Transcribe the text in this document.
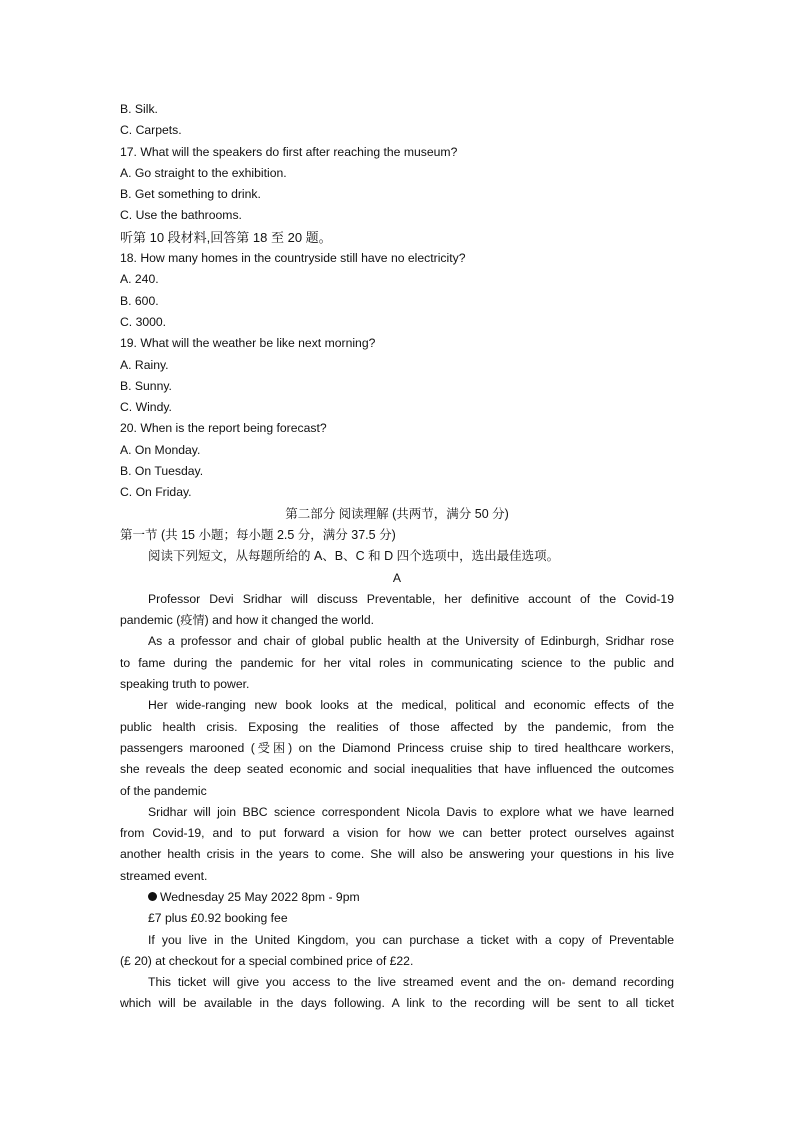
B. Silk.
C. Carpets.
17. What will the speakers do first after reaching the museum?
A. Go straight to the exhibition.
B. Get something to drink.
C. Use the bathrooms.
听第 10 段材料,回答第 18 至 20 题。
18. How many homes in the countryside still have no electricity?
A. 240.
B. 600.
C. 3000.
19. What will the weather be like next morning?
A. Rainy.
B. Sunny.
C. Windy.
20. When is the report being forecast?
A. On Monday.
B. On Tuesday.
C. On Friday.
第二部分 阅读理解 (共两节，满分 50 分)
第一节 (共 15 小题；每小题 2.5 分，满分 37.5 分)
阅读下列短文，从每题所给的 A、B、C 和 D 四个选项中，选出最佳选项。
A
Professor Devi Sridhar will discuss Preventable, her definitive account of the Covid-19
pandemic (疫情) and how it changed the world.
As a professor and chair of global public health at the University of Edinburgh, Sridhar rose
to fame during the pandemic for her vital roles in communicating science to the public and
speaking truth to power.
Her wide-ranging new book looks at the medical, political and economic effects of the
public health crisis. Exposing the realities of those affected by the pandemic, from the
passengers marooned (受困) on the Diamond Princess cruise ship to tired healthcare workers,
she reveals the deep seated economic and social inequalities that have influenced the outcomes
of the pandemic
Sridhar will join BBC science correspondent Nicola Davis to explore what we have learned
from Covid-19, and to put forward a vision for how we can better protect ourselves against
another health crisis in the years to come. She will also be answering your questions in his live
streamed event.
Wednesday 25 May 2022 8pm - 9pm
£7 plus £0.92 booking fee
If you live in the United Kingdom, you can purchase a ticket with a copy of Preventable
(£ 20) at checkout for a special combined price of £22.
This ticket will give you access to the live streamed event and the on- demand recording
which will be available in the days following. A link to the recording will be sent to all ticket
